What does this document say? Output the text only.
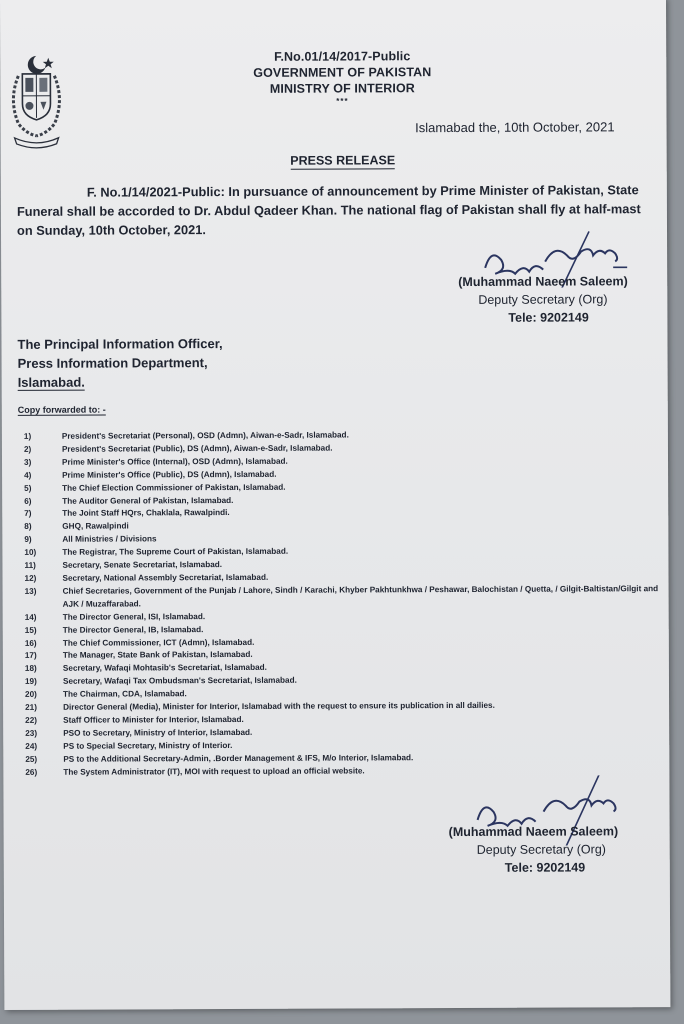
F.No.01/14/2017-Public
GOVERNMENT OF PAKISTAN
MINISTRY OF INTERIOR
***
Islamabad the, 10th October, 2021
PRESS RELEASE
F. No.1/14/2021-Public: In pursuance of announcement by Prime Minister of Pakistan, State Funeral shall be accorded to Dr. Abdul Qadeer Khan. The national flag of Pakistan shall fly at half-mast on Sunday, 10th October, 2021.
(Muhammad Naeem Saleem)
Deputy Secretary (Org)
Tele: 9202149
The Principal Information Officer,
Press Information Department,
Islamabad.
Copy forwarded to: -
1)	President's Secretariat (Personal), OSD (Admn), Aiwan-e-Sadr, Islamabad.
2)	President's Secretariat (Public), DS (Admn), Aiwan-e-Sadr, Islamabad.
3)	Prime Minister's Office (Internal), OSD (Admn), Islamabad.
4)	Prime Minister's Office (Public), DS (Admn), Islamabad.
5)	The Chief Election Commissioner of Pakistan, Islamabad.
6)	The Auditor General of Pakistan, Islamabad.
7)	The Joint Staff HQrs, Chaklala, Rawalpindi.
8)	GHQ, Rawalpindi
9)	All Ministries / Divisions
10)	The Registrar, The Supreme Court of Pakistan, Islamabad.
11)	Secretary, Senate Secretariat, Islamabad.
12)	Secretary, National Assembly Secretariat, Islamabad.
13)	Chief Secretaries, Government of the Punjab / Lahore, Sindh / Karachi, Khyber Pakhtunkhwa / Peshawar, Balochistan / Quetta, / Gilgit-Baltistan/Gilgit and AJK / Muzaffarabad.
14)	The Director General, ISI, Islamabad.
15)	The Director General, IB, Islamabad.
16)	The Chief Commissioner, ICT (Admn), Islamabad.
17)	The Manager, State Bank of Pakistan, Islamabad.
18)	Secretary, Wafaqi Mohtasib's Secretariat, Islamabad.
19)	Secretary, Wafaqi Tax Ombudsman's Secretariat, Islamabad.
20)	The Chairman, CDA, Islamabad.
21)	Director General (Media), Minister for Interior, Islamabad with the request to ensure its publication in all dailies.
22)	Staff Officer to Minister for Interior, Islamabad.
23)	PSO to Secretary, Ministry of Interior, Islamabad.
24)	PS to Special Secretary, Ministry of Interior.
25)	PS to the Additional Secretary-Admin, .Border Management & IFS, M/o Interior, Islamabad.
26)	The System Administrator (IT), MOI with request to upload an official website.
(Muhammad Naeem Saleem)
Deputy Secretary (Org)
Tele: 9202149
